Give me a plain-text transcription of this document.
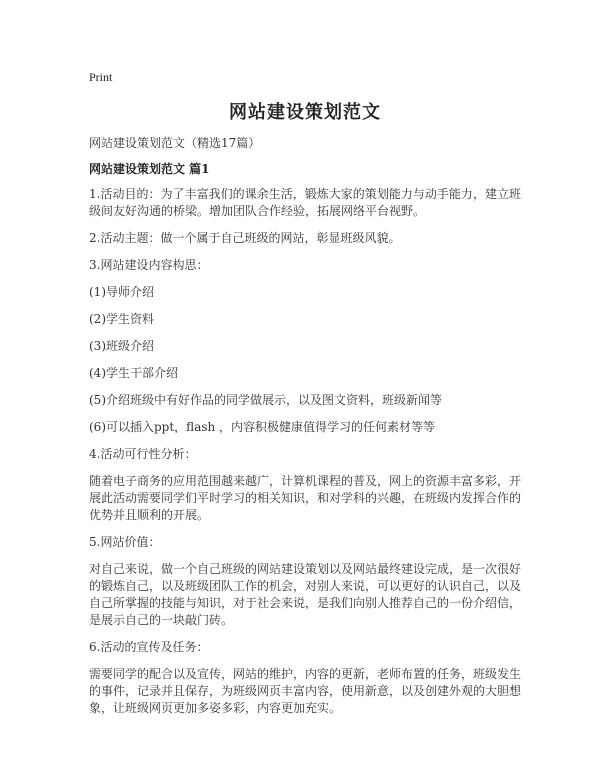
Print
网站建设策划范文
网站建设策划范文（精选17篇）
网站建设策划范文 篇1

1.活动目的：为了丰富我们的课余生活，锻炼大家的策划能力与动手能力，建立班级间友好沟通的桥梁。增加团队合作经验，拓展网络平台视野。

2.活动主题：做一个属于自己班级的网站，彰显班级风貌。

3.网站建设内容构思：

(1)导师介绍

(2)学生资料

(3)班级介绍

(4)学生干部介绍

(5)介绍班级中有好作品的同学做展示，以及图文资料，班级新闻等

(6)可以插入ppt，flash ，内容积极健康值得学习的任何素材等等

4.活动可行性分析：

随着电子商务的应用范围越来越广，计算机课程的普及，网上的资源丰富多彩，开展此活动需要同学们平时学习的相关知识，和对学科的兴趣，在班级内发挥合作的优势并且顺利的开展。

5.网站价值：

对自己来说，做一个自己班级的网站建设策划以及网站最终建设完成，是一次很好的锻炼自己，以及班级团队工作的机会，对别人来说，可以更好的认识自己，以及自己所掌握的技能与知识，对于社会来说，是我们向别人推荐自己的一份介绍信，是展示自己的一块敲门砖。

6.活动的宣传及任务：

需要同学的配合以及宣传，网站的维护，内容的更新，老师布置的任务，班级发生的事件，记录并且保存，为班级网页丰富内容，使用新意，以及创建外观的大胆想象，让班级网页更加多姿多彩，内容更加充实。
